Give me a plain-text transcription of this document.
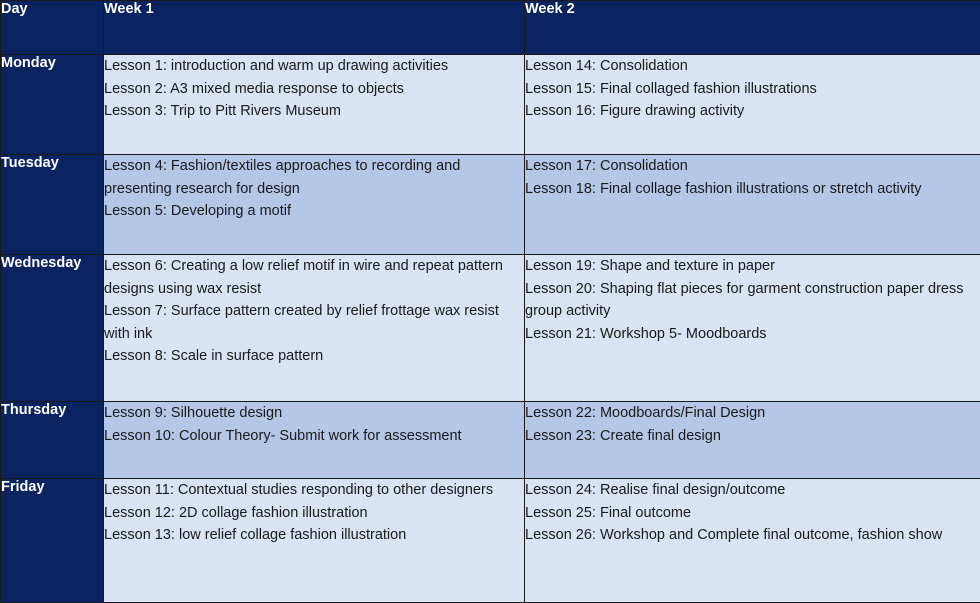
Day	Week 1	Week 2
Monday	Lesson 1: introduction and warm up drawing activities
Lesson 2: A3 mixed media response to objects
Lesson 3: Trip to Pitt Rivers Museum	Lesson 14: Consolidation
Lesson 15: Final collaged fashion illustrations
Lesson 16: Figure drawing activity

Tuesday	Lesson 4: Fashion/textiles approaches to recording and presenting research for design
Lesson 5: Developing a motif	Lesson 17: Consolidation
Lesson 18: Final collage fashion illustrations or stretch activity

Wednesday	Lesson 6: Creating a low relief motif in wire and repeat pattern designs using wax resist
Lesson 7: Surface pattern created by relief frottage wax resist with ink
Lesson 8: Scale in surface pattern	Lesson 19: Shape and texture in paper
Lesson 20: Shaping flat pieces for garment construction paper dress group activity
Lesson 21: Workshop 5- Moodboards

Thursday	Lesson 9: Silhouette design
Lesson 10: Colour Theory- Submit work for assessment	Lesson 22: Moodboards/Final Design
Lesson 23: Create final design

Friday	Lesson 11: Contextual studies responding to other designers
Lesson 12: 2D collage fashion illustration
Lesson 13: low relief collage fashion illustration	Lesson 24: Realise final design/outcome
Lesson 25: Final outcome
Lesson 26: Workshop and Complete final outcome, fashion show
